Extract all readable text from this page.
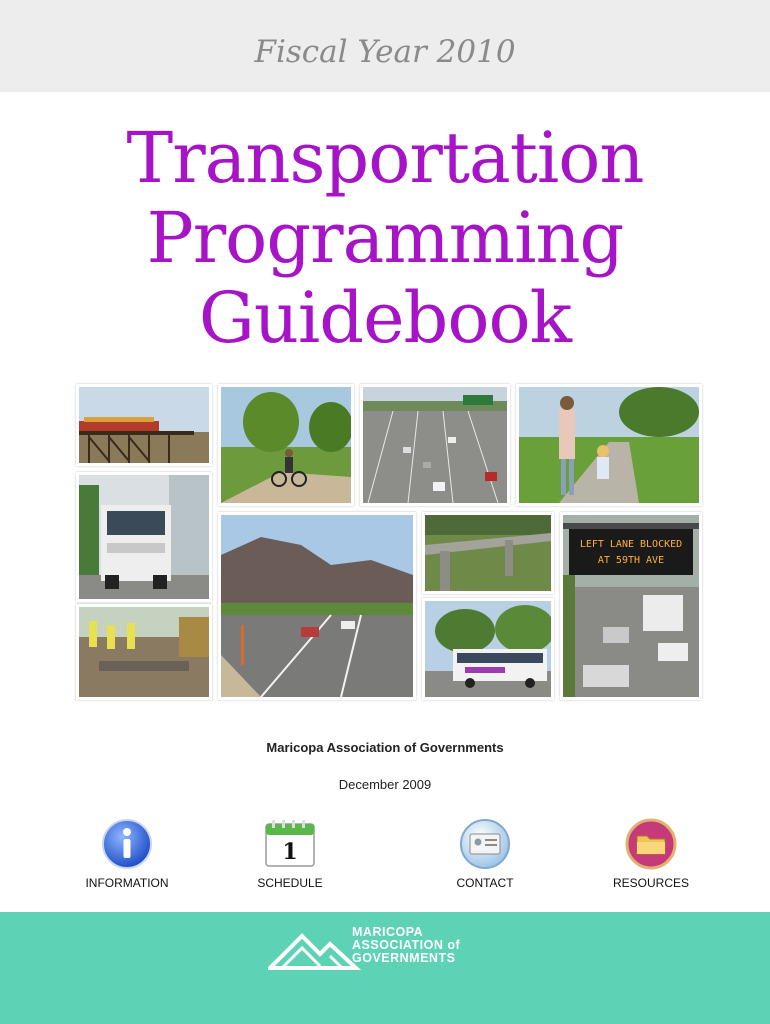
Fiscal Year 2010
Transportation
Programming
Guidebook
LEFT LANE BLOCKED
AT 59TH AVE
Maricopa Association of Governments
December 2009
INFORMATION
1
SCHEDULE	CONTACT	RESOURCES
MARICOPA
ASSOCIATION of
GOVERNMENTS
